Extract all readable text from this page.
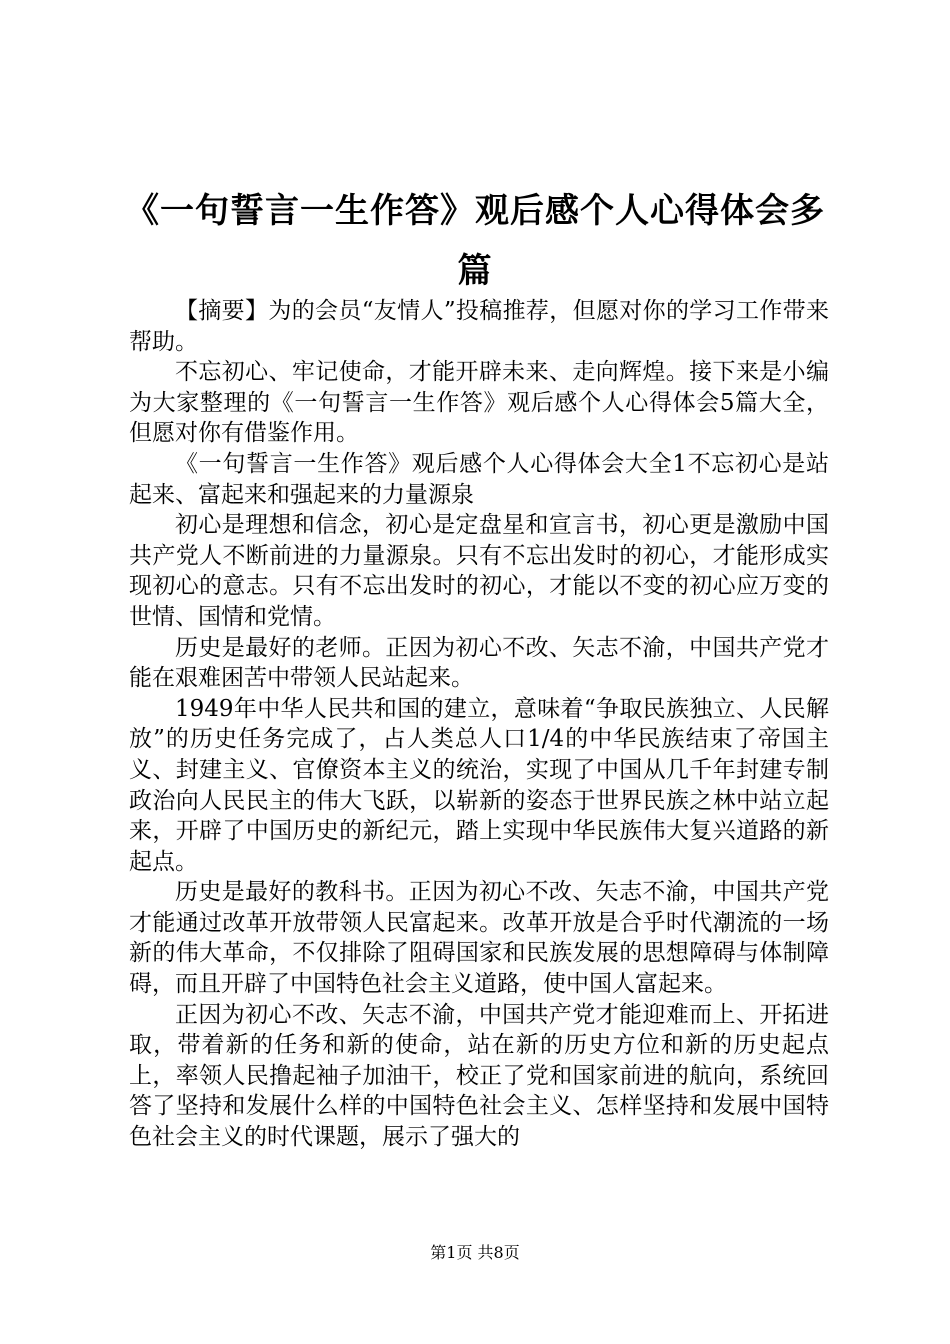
《一句誓言一生作答》观后感个人心得体会多篇

【摘要】为的会员“友情人”投稿推荐，但愿对你的学习工作带来帮助。

不忘初心、牢记使命，才能开辟未来、走向辉煌。接下来是小编为大家整理的《一句誓言一生作答》观后感个人心得体会5篇大全，但愿对你有借鉴作用。

《一句誓言一生作答》观后感个人心得体会大全1不忘初心是站起来、富起来和强起来的力量源泉

初心是理想和信念，初心是定盘星和宣言书，初心更是激励中国共产党人不断前进的力量源泉。只有不忘出发时的初心，才能形成实现初心的意志。只有不忘出发时的初心，才能以不变的初心应万变的世情、国情和党情。

历史是最好的老师。正因为初心不改、矢志不渝，中国共产党才能在艰难困苦中带领人民站起来。

1949年中华人民共和国的建立，意味着“争取民族独立、人民解放”的历史任务完成了，占人类总人口1/4的中华民族结束了帝国主义、封建主义、官僚资本主义的统治，实现了中国从几千年封建专制政治向人民民主的伟大飞跃，以崭新的姿态于世界民族之林中站立起来，开辟了中国历史的新纪元，踏上实现中华民族伟大复兴道路的新起点。

历史是最好的教科书。正因为初心不改、矢志不渝，中国共产党才能通过改革开放带领人民富起来。改革开放是合乎时代潮流的一场新的伟大革命，不仅排除了阻碍国家和民族发展的思想障碍与体制障碍，而且开辟了中国特色社会主义道路，使中国人富起来。

正因为初心不改、矢志不渝，中国共产党才能迎难而上、开拓进取，带着新的任务和新的使命，站在新的历史方位和新的历史起点上，率领人民撸起袖子加油干，校正了党和国家前进的航向，系统回答了坚持和发展什么样的中国特色社会主义、怎样坚持和发展中国特色社会主义的时代课题，展示了强大的

第1页 共8页
